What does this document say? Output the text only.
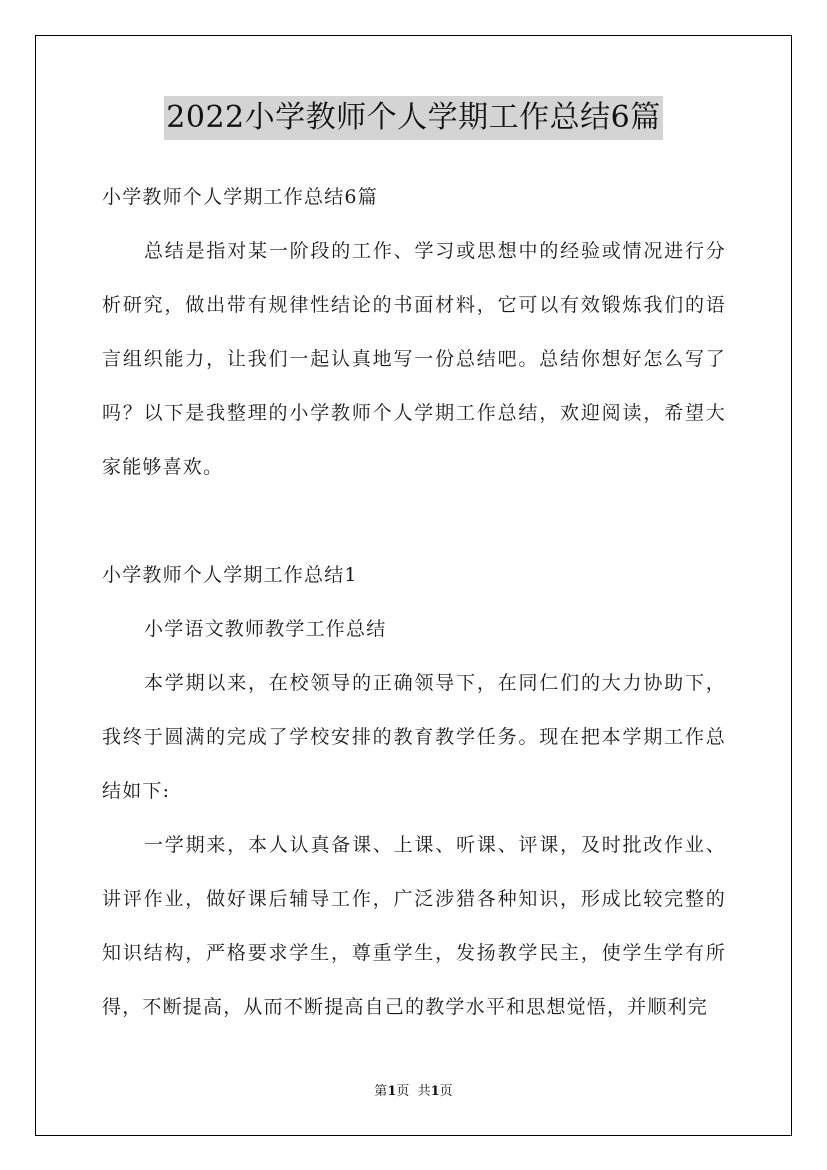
2022小学教师个人学期工作总结6篇

小学教师个人学期工作总结6篇

总结是指对某一阶段的工作、学习或思想中的经验或情况进行分析研究，做出带有规律性结论的书面材料，它可以有效锻炼我们的语言组织能力，让我们一起认真地写一份总结吧。总结你想好怎么写了吗？以下是我整理的小学教师个人学期工作总结，欢迎阅读，希望大家能够喜欢。

小学教师个人学期工作总结1

小学语文教师教学工作总结

本学期以来，在校领导的正确领导下，在同仁们的大力协助下，我终于圆满的完成了学校安排的教育教学任务。现在把本学期工作总结如下:

一学期来，本人认真备课、上课、听课、评课，及时批改作业、讲评作业，做好课后辅导工作，广泛涉猎各种知识，形成比较完整的知识结构，严格要求学生，尊重学生，发扬教学民主，使学生学有所得，不断提高，从而不断提高自己的教学水平和思想觉悟，并顺利完

第1页  共1页
